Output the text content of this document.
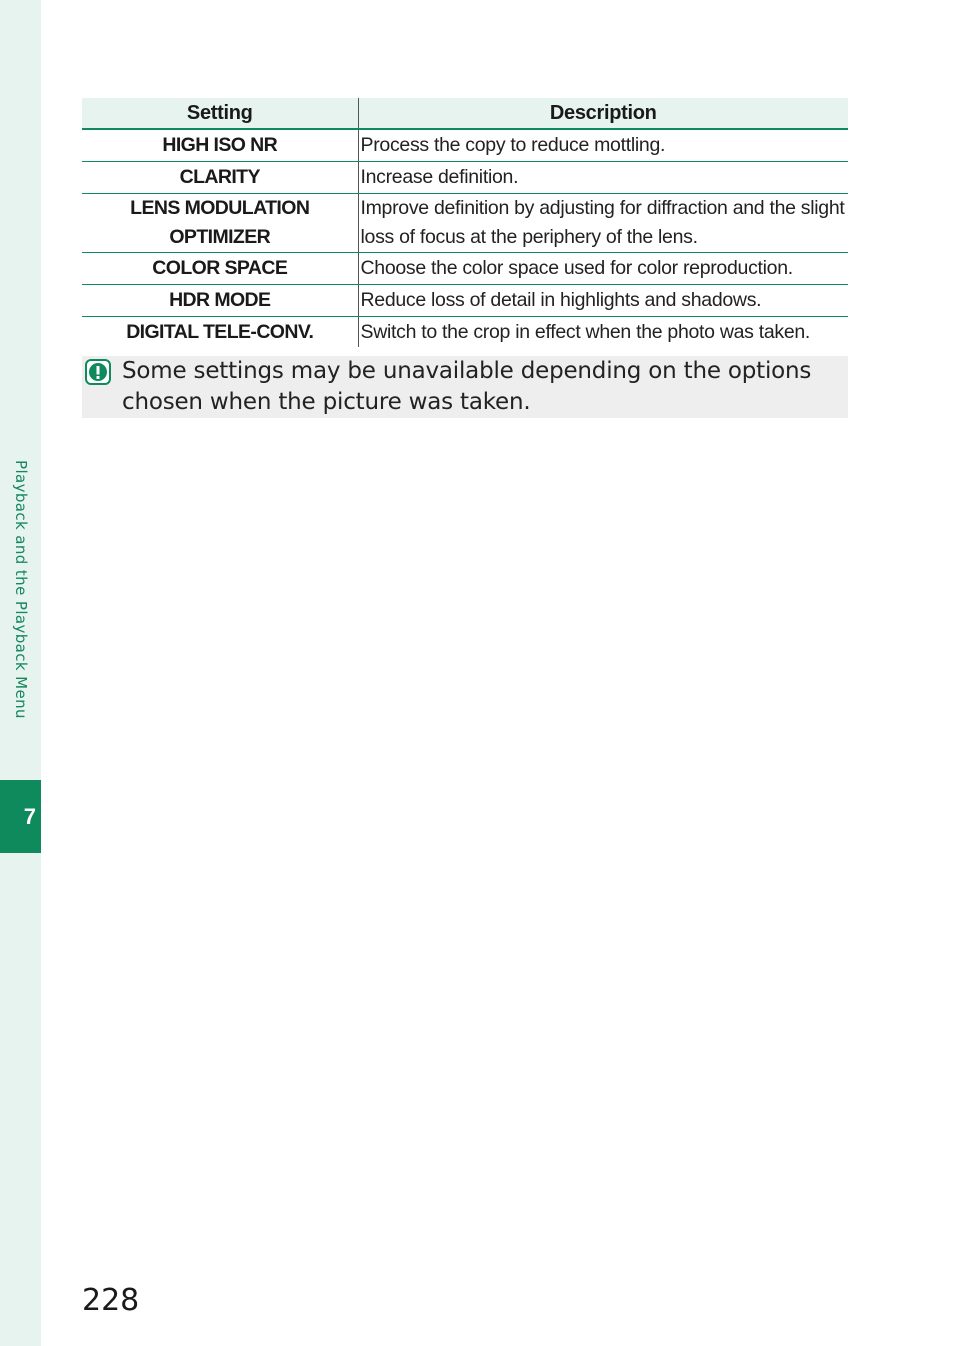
Playback and the Playback Menu
7
Setting	Description
HIGH ISO NR	Process the copy to reduce mottling.
CLARITY	Increase definition.
LENS MODULATION OPTIMIZER	Improve definition by adjusting for diffraction and the slight loss of focus at the periphery of the lens.
COLOR SPACE	Choose the color space used for color reproduction.
HDR MODE	Reduce loss of detail in highlights and shadows.
DIGITAL TELE-CONV.	Switch to the crop in effect when the photo was taken.
Some settings may be unavailable depending on the options chosen when the picture was taken.
228
